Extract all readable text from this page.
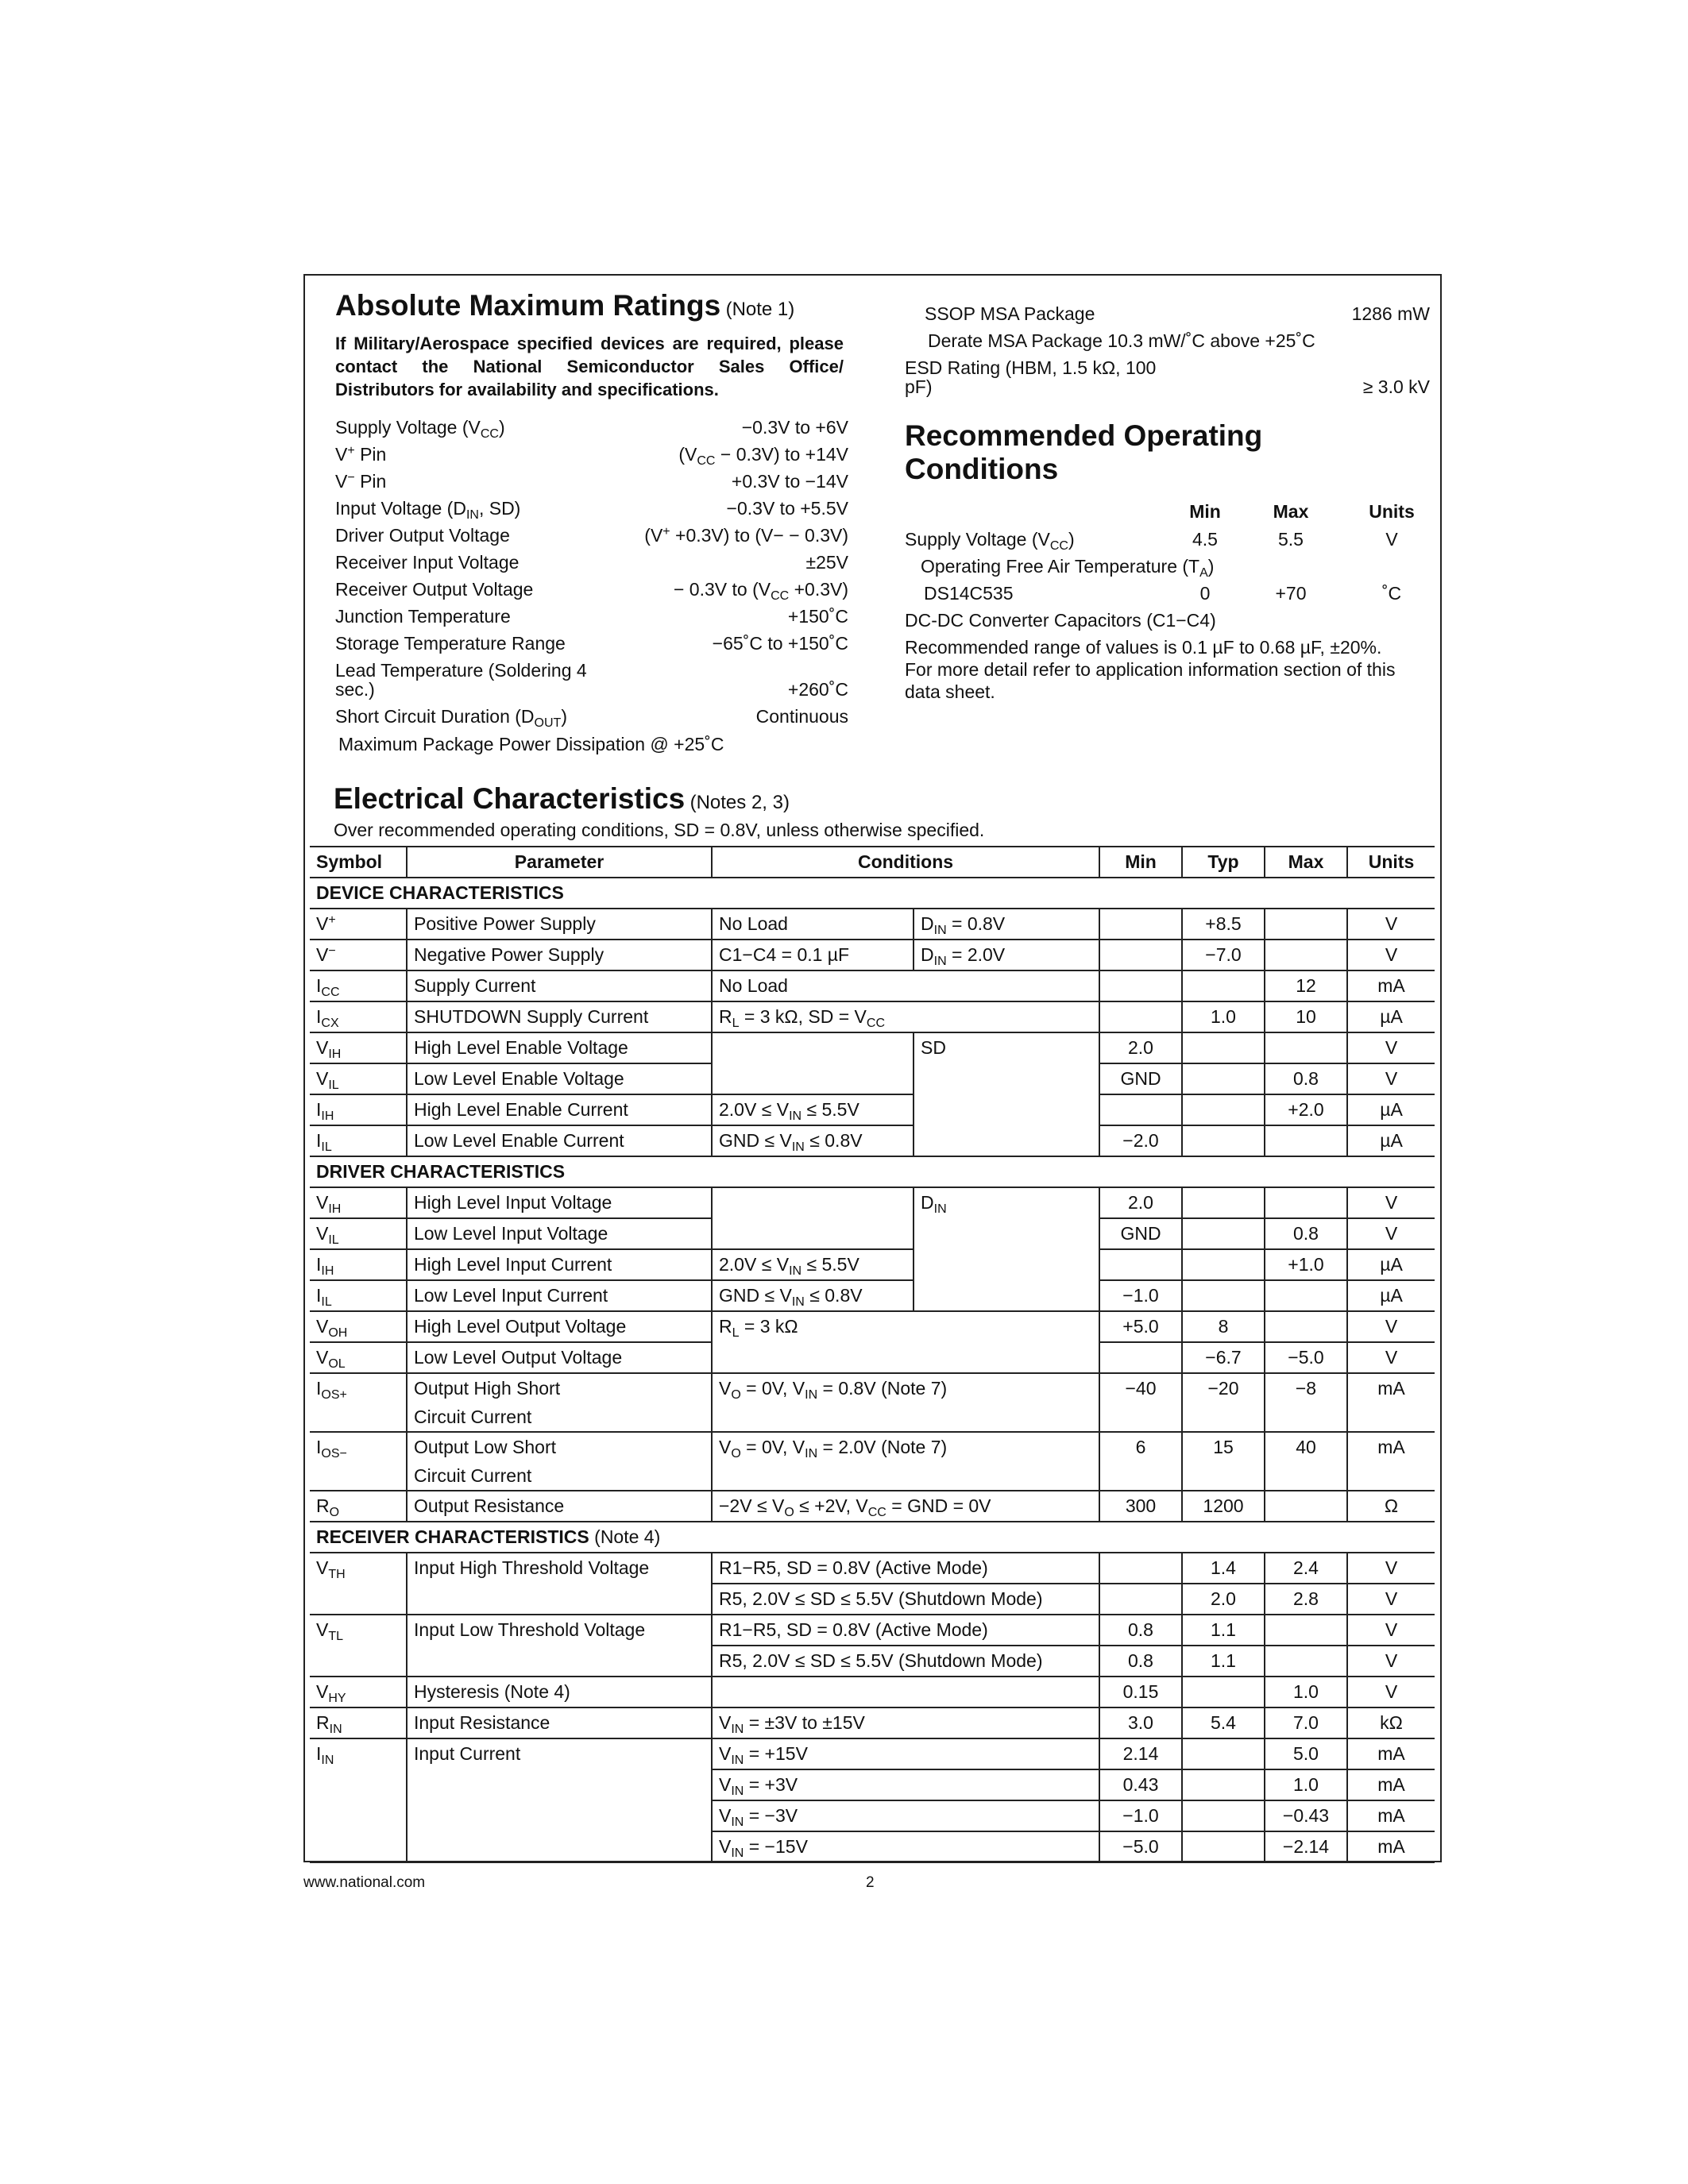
Absolute Maximum Ratings (Note 1)
If Military/Aerospace specified devices are required, please contact the National Semiconductor Sales Office/ Distributors for availability and specifications.
Supply Voltage $(V_{CC})$	−0.3V to +6V
V+ Pin	$(V_{CC} - 0.3V)$ to +14V
V− Pin	+0.3V to −14V
Input Voltage ($D_{IN}$, SD)	−0.3V to +5.5V
Driver Output Voltage	(V+ +0.3V) to (V− − 0.3V)
Receiver Input Voltage	±25V
Receiver Output Voltage	− 0.3V to $(V_{CC} +0.3V)$
Junction Temperature	+150˚C
Storage Temperature Range	−65˚C to +150˚C
Lead Temperature (Soldering 4
sec.)	+260˚C
Short Circuit Duration $(D_{OUT})$	Continuous
Maximum Package Power Dissipation @ +25˚C
SSOP MSA Package	1286 mW
Derate MSA Package 10.3 mW/˚C above +25˚C
ESD Rating (HBM, 1.5 kΩ, 100
pF)	≥ 3.0 kV
Recommended Operating
Conditions
Min	Max	Units
Supply Voltage $(V_{CC})$	4.5	5.5	V
Operating Free Air Temperature $(T_A)$
DS14C535	0	+70	˚C
DC-DC Converter Capacitors (C1−C4)
Recommended range of values is 0.1 µF to 0.68 µF, ±20%.
For more detail refer to application information section of this
data sheet.
Electrical Characteristics (Notes 2, 3)
Over recommended operating conditions, SD = 0.8V, unless otherwise specified.
Symbol	Parameter	Conditions		Min	Typ	Max	Units
DEVICE CHARACTERISTICS							
V+	Positive Power Supply	No Load	$D_{IN} = 0.8V$		+8.5		V
V−	Negative Power Supply	C1−C4 = 0.1 µF	$D_{IN} = 2.0V$		−7.0		V
$I_{CC}$	Supply Current	No Load				12	mA
$I_{CX}$	SHUTDOWN Supply Current	$R_L = 3$ kΩ, SD = $V_{CC}$			1.0	10	µA
$V_{IH}$	High Level Enable Voltage		SD	2.0			V
$V_{IL}$	Low Level Enable Voltage			GND		0.8	V
$I_{IH}$	High Level Enable Current	$2.0V \le V_{IN} \le 5.5V$				+2.0	µA
$I_{IL}$	Low Level Enable Current	GND ≤ $V_{IN} \le 0.8V$		−2.0			µA
DRIVER CHARACTERISTICS							
$V_{IH}$	High Level Input Voltage		$D_{IN}$	2.0			V
$V_{IL}$	Low Level Input Voltage			GND		0.8	V
$I_{IH}$	High Level Input Current	$2.0V \le V_{IN} \le 5.5V$				+1.0	µA
$I_{IL}$	Low Level Input Current	GND ≤ $V_{IN} \le 0.8V$		−1.0			µA
$V_{OH}$	High Level Output Voltage	$R_L = 3$ kΩ		+5.0	8		V
$V_{OL}$	Low Level Output Voltage				−6.7	−5.0	V
$I_{OS+}$	Output High Short
Circuit Current	$V_O = 0V$, $V_{IN} = 0.8V$ (Note 7)		−40	−20	−8	mA
$I_{OS-}$	Output Low Short
Circuit Current	$V_O = 0V$, $V_{IN} = 2.0V$ (Note 7)		6	15	40	mA
$R_O$	Output Resistance	$-2V \le V_O \le +2V$, $V_{CC}$ = GND = 0V		300	1200		Ω
RECEIVER CHARACTERISTICS (Note 4)							
$V_{TH}$	Input High Threshold Voltage	R1−R5, SD = 0.8V (Active Mode)			1.4	2.4	V
		R5, 2.0V ≤ SD ≤ 5.5V (Shutdown Mode)			2.0	2.8	V
$V_{TL}$	Input Low Threshold Voltage	R1−R5, SD = 0.8V (Active Mode)		0.8	1.1		V
		R5, 2.0V ≤ SD ≤ 5.5V (Shutdown Mode)		0.8	1.1		V
$V_{HY}$	Hysteresis (Note 4)			0.15		1.0	V
$R_{IN}$	Input Resistance	$V_{IN} = \pm 3V$ to ±15V		3.0	5.4	7.0	kΩ
$I_{IN}$	Input Current	$V_{IN} = +15V$		2.14		5.0	mA
		$V_{IN} = +3V$		0.43		1.0	mA
		$V_{IN} = -3V$		−1.0		−0.43	mA
		$V_{IN} = -15V$		−5.0		−2.14	mA
www.national.com	2
